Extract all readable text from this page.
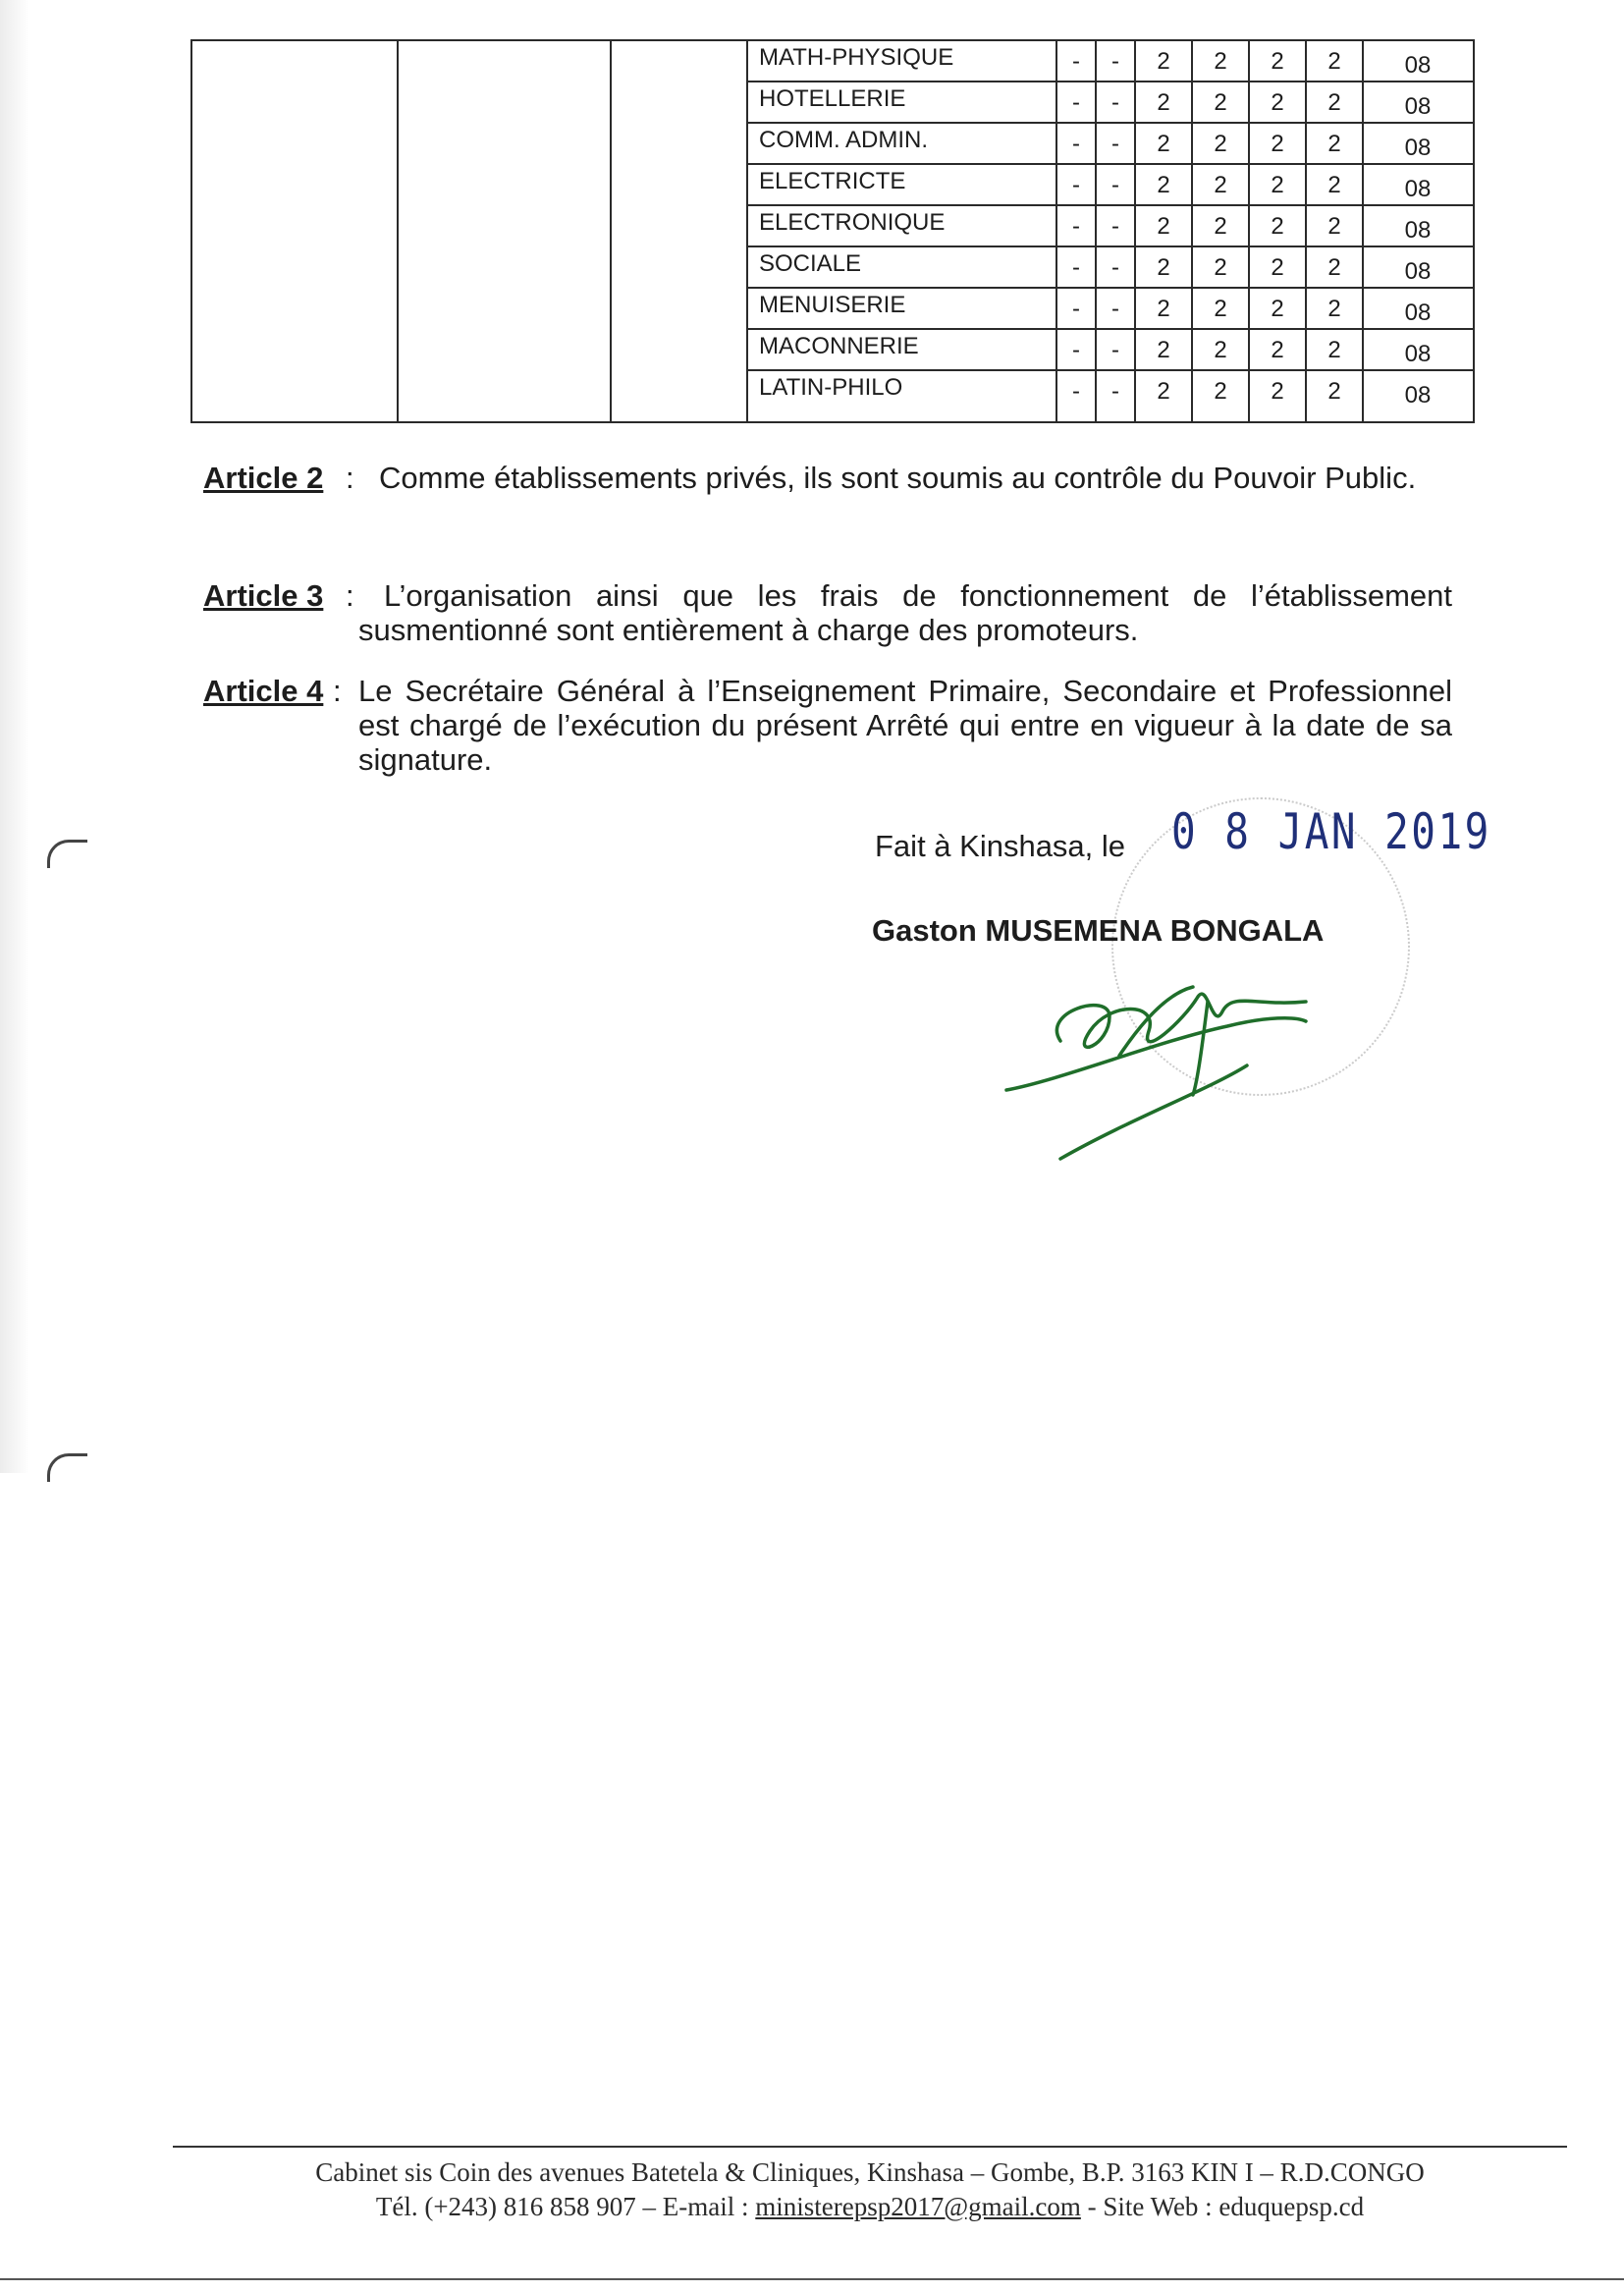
MATH-PHYSIQUE	-	-	2	2	2	2	08
HOTELLERIE	-	-	2	2	2	2	08
COMM. ADMIN.	-	-	2	2	2	2	08
ELECTRICTE	-	-	2	2	2	2	08
ELECTRONIQUE	-	-	2	2	2	2	08
SOCIALE	-	-	2	2	2	2	08
MENUISERIE	-	-	2	2	2	2	08
MACONNERIE	-	-	2	2	2	2	08
LATIN-PHILO	-	-	2	2	2	2	08
Article 2 : Comme établissements privés, ils sont soumis au contrôle du Pouvoir Public.
Article 3 : L’organisation ainsi que les frais de fonctionnement de l’établissement susmentionné sont entièrement à charge des promoteurs.
Article 4 : Le Secrétaire Général à l’Enseignement Primaire, Secondaire et Professionnel est chargé de l’exécution du présent Arrêté qui entre en vigueur à la date de sa signature.
Fait à Kinshasa, le 0 8 JAN 2019
Gaston MUSEMENA BONGALA
Cabinet sis Coin des avenues Batetela & Cliniques, Kinshasa – Gombe, B.P. 3163 KIN I – R.D.CONGO
Tél. (+243) 816 858 907 – E-mail : ministerepsp2017@gmail.com - Site Web : eduquepsp.cd
